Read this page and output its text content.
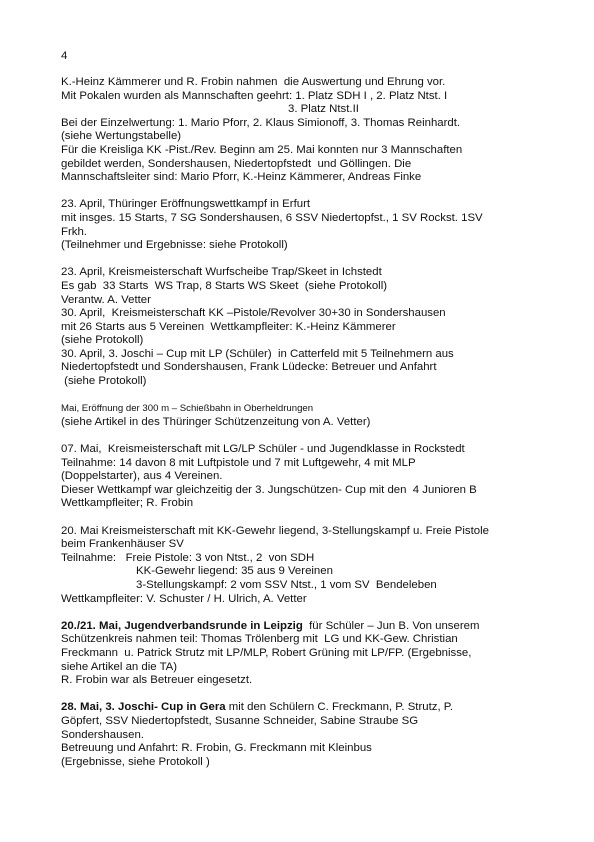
4
K.-Heinz Kämmerer und R. Frobin nahmen  die Auswertung und Ehrung vor.
Mit Pokalen wurden als Mannschaften geehrt: 1. Platz SDH I , 2. Platz Ntst. I
3. Platz Ntst.II
Bei der Einzelwertung: 1. Mario Pforr, 2. Klaus Simionoff, 3. Thomas Reinhardt.
(siehe Wertungstabelle)
Für die Kreisliga KK -Pist./Rev. Beginn am 25. Mai konnten nur 3 Mannschaften
gebildet werden, Sondershausen, Niedertopfstedt  und Göllingen. Die
Mannschaftsleiter sind: Mario Pforr, K.-Heinz Kämmerer, Andreas Finke
23. April, Thüringer Eröffnungswettkampf in Erfurt
mit insges. 15 Starts, 7 SG Sondershausen, 6 SSV Niedertopfst., 1 SV Rockst. 1SV
Frkh.
(Teilnehmer und Ergebnisse: siehe Protokoll)
23. April, Kreismeisterschaft Wurfscheibe Trap/Skeet in Ichstedt
Es gab  33 Starts  WS Trap, 8 Starts WS Skeet  (siehe Protokoll)
Verantw. A. Vetter
30. April,  Kreismeisterschaft KK –Pistole/Revolver 30+30 in Sondershausen
mit 26 Starts aus 5 Vereinen  Wettkampfleiter: K.-Heinz Kämmerer
(siehe Protokoll)
30. April, 3. Joschi – Cup mit LP (Schüler)  in Catterfeld mit 5 Teilnehmern aus
Niedertopfstedt und Sondershausen, Frank Lüdecke: Betreuer und Anfahrt
(siehe Protokoll)
Mai, Eröffnung der 300 m – Schießbahn in Oberheldrungen
(siehe Artikel in des Thüringer Schützenzeitung von A. Vetter)
07. Mai,  Kreismeisterschaft mit LG/LP Schüler - und Jugendklasse in Rockstedt
Teilnahme: 14 davon 8 mit Luftpistole und 7 mit Luftgewehr, 4 mit MLP
(Doppelstarter), aus 4 Vereinen.
Dieser Wettkampf war gleichzeitig der 3. Jungschützen- Cup mit den  4 Junioren B
Wettkampfleiter; R. Frobin
20. Mai Kreismeisterschaft mit KK-Gewehr liegend, 3-Stellungskampf u. Freie Pistole
beim Frankenhäuser SV
Teilnahme:   Freie Pistole: 3 von Ntst., 2  von SDH
KK-Gewehr liegend: 35 aus 9 Vereinen
3-Stellungskampf: 2 vom SSV Ntst., 1 vom SV  Bendeleben
Wettkampfleiter: V. Schuster / H. Ulrich, A. Vetter
20./21. Mai, Jugendverbandsrunde in Leipzig  für Schüler – Jun B. Von unserem
Schützenkreis nahmen teil: Thomas Trölenberg mit  LG und KK-Gew. Christian
Freckmann  u. Patrick Strutz mit LP/MLP, Robert Grüning mit LP/FP. (Ergebnisse,
siehe Artikel an die TA)
R. Frobin war als Betreuer eingesetzt.
28. Mai, 3. Joschi- Cup in Gera mit den Schülern C. Freckmann, P. Strutz, P.
Göpfert, SSV Niedertopfstedt, Susanne Schneider, Sabine Straube SG
Sondershausen.
Betreuung und Anfahrt: R. Frobin, G. Freckmann mit Kleinbus
(Ergebnisse, siehe Protokoll )
